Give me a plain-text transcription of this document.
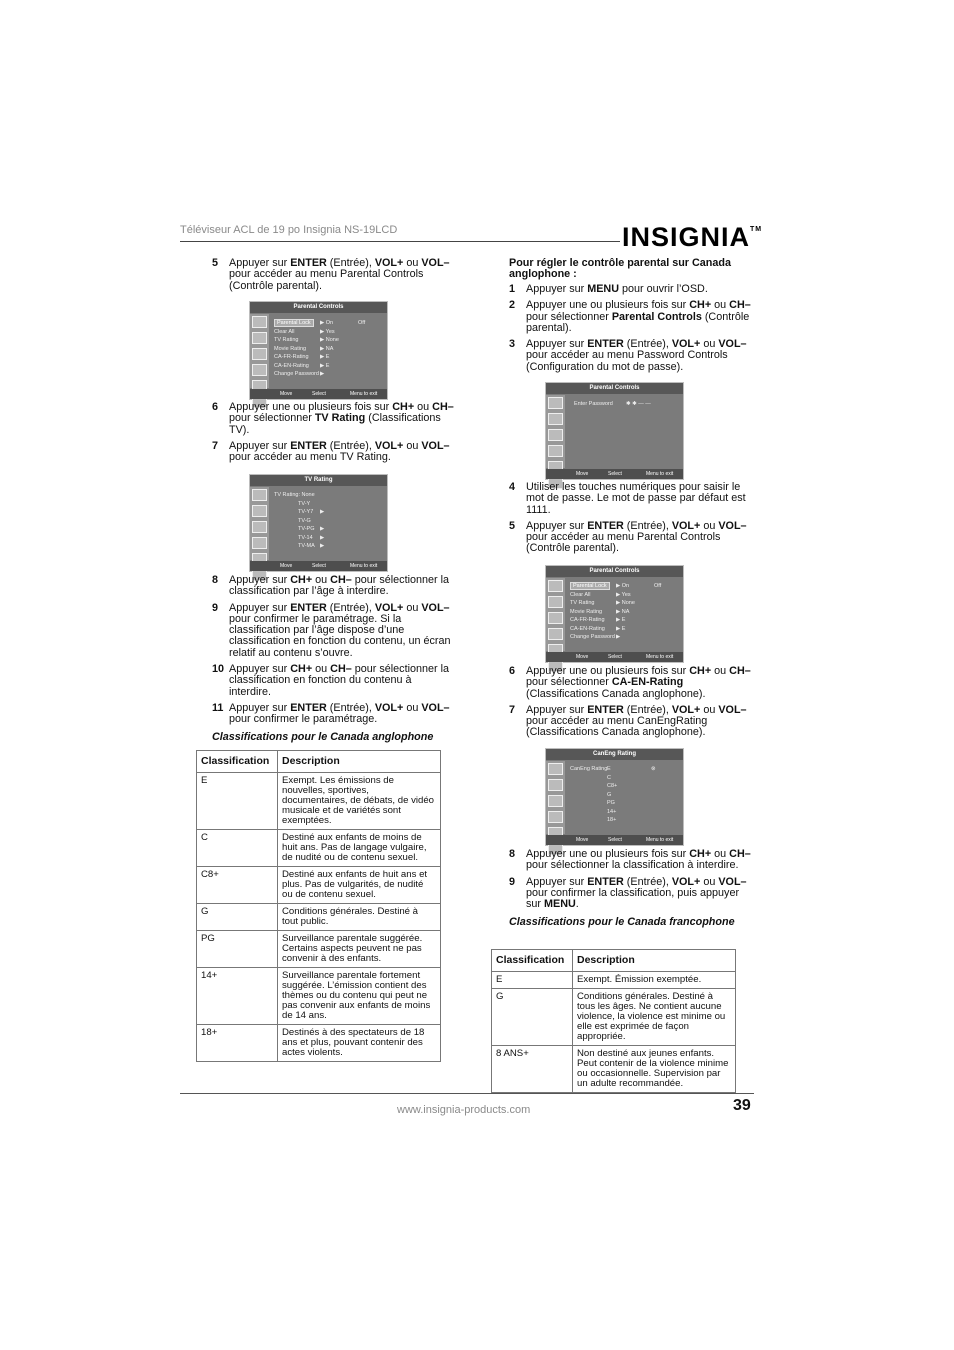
Téléviseur ACL de 19 po Insignia NS-19LCD	INSIGNIA™
5 Appuyer sur ENTER (Entrée), VOL+ ou VOL– pour accéder au menu Parental Controls (Contrôle parental).
Parental Controls
Parental Lock	▶ On	Off
Clear All	▶ Yes
TV Rating	▶ None
Movie Rating	▶ NA
CA-FR-Rating ▶ E
CA-EN-Rating ▶ E
Change Password ▶
Move	Select	Menu to exit
6 Appuyer une ou plusieurs fois sur CH+ ou CH– pour sélectionner TV Rating (Classifications TV).
7 Appuyer sur ENTER (Entrée), VOL+ ou VOL– pour accéder au menu TV Rating.
TV Rating
TV Rating: None
TV-Y
TV-Y7 ▶
TV-G
TV-PG ▶
TV-14 ▶
TV-MA ▶
Move	Select	Menu to exit
8 Appuyer sur CH+ ou CH– pour sélectionner la classification par l’âge à interdire.
9 Appuyer sur ENTER (Entrée), VOL+ ou VOL– pour confirmer le paramétrage. Si la classification par l’âge dispose d’une classification en fonction du contenu, un écran relatif au contenu s’ouvre.
10 Appuyer sur CH+ ou CH– pour sélectionner la classification en fonction du contenu à interdire.
11 Appuyer sur ENTER (Entrée), VOL+ ou VOL– pour confirmer le paramétrage.
Classifications pour le Canada anglophone
Classification	Description
E	Exempt. Les émissions de nouvelles, sportives, documentaires, de débats, de vidéo musicale et de variétés sont exemptées.
C	Destiné aux enfants de moins de huit ans. Pas de langage vulgaire, de nudité ou de contenu sexuel.
C8+	Destiné aux enfants de huit ans et plus. Pas de vulgarités, de nudité ou de contenu sexuel.
G	Conditions générales. Destiné à tout public.
PG	Surveillance parentale suggérée. Certains aspects peuvent ne pas convenir à des enfants.
14+	Surveillance parentale fortement suggérée. L’émission contient des thèmes ou du contenu qui peut ne pas convenir aux enfants de moins de 14 ans.
18+	Destinés à des spectateurs de 18 ans et plus, pouvant contenir des actes violents.
Pour régler le contrôle parental sur Canada anglophone :
1 Appuyer sur MENU pour ouvrir l’OSD.
2 Appuyer une ou plusieurs fois sur CH+ ou CH– pour sélectionner Parental Controls (Contrôle parental).
3 Appuyer sur ENTER (Entrée), VOL+ ou VOL– pour accéder au menu Password Controls (Configuration du mot de passe).
Parental Controls
Enter Password ✱ ✱ — —
Move	Select	Menu to exit
4 Utiliser les touches numériques pour saisir le mot de passe. Le mot de passe par défaut est 1111.
5 Appuyer sur ENTER (Entrée), VOL+ ou VOL– pour accéder au menu Parental Controls (Contrôle parental).
Parental Controls
Parental Lock	▶ On	Off
Clear All	▶ Yes
TV Rating	▶ None
Movie Rating	▶ NA
CA-FR-Rating ▶ E
CA-EN-Rating ▶ E
Change Password ▶
Move	Select	Menu to exit
6 Appuyer une ou plusieurs fois sur CH+ ou CH– pour sélectionner CA-EN-Rating (Classifications Canada anglophone).
7 Appuyer sur ENTER (Entrée), VOL+ ou VOL– pour accéder au menu CanEngRating (Classifications Canada anglophone).
CanEng Rating
CanEng Rating E	⊗
C
C8+
G
PG
14+
18+
Move	Select	Menu to exit
8 Appuyer une ou plusieurs fois sur CH+ ou CH– pour sélectionner la classification à interdire.
9 Appuyer sur ENTER (Entrée), VOL+ ou VOL– pour confirmer la classification, puis appuyer sur MENU.
Classifications pour le Canada francophone
Classification	Description
E	Exempt. Émission exemptée.
G	Conditions générales. Destiné à tous les âges. Ne contient aucune violence, la violence est minime ou elle est exprimée de façon appropriée.
8 ANS+	Non destiné aux jeunes enfants. Peut contenir de la violence minime ou occasionnelle. Supervision par un adulte recommandée.
www.insignia-products.com	39
